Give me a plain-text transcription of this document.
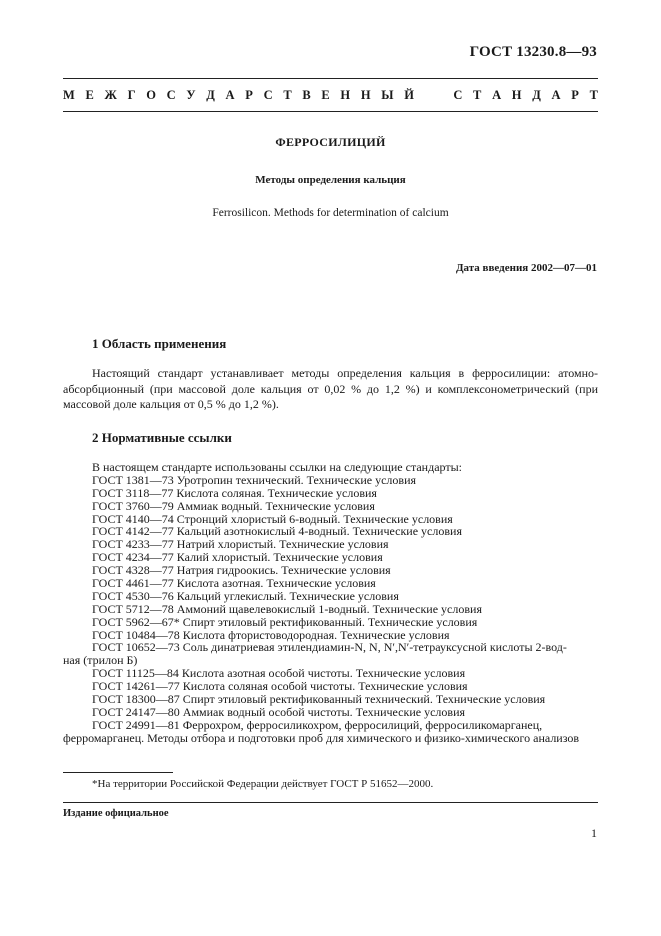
ГОСТ 13230.8—93
М Е Ж Г О С У Д А Р С Т В Е Н Н Ы Й	С Т А Н Д А Р Т
ФЕРРОСИЛИЦИЙ
Методы определения кальция
Ferrosilicon. Methods for determination of calcium
Дата введения 2002—07—01
1 Область применения
Настоящий стандарт устанавливает методы определения кальция в ферросилиции: атомно-абсорбционный (при массовой доле кальция от 0,02 % до 1,2 %) и комплексонометрический (при массовой доле кальция от 0,5 % до 1,2 %).
2 Нормативные ссылки
В настоящем стандарте использованы ссылки на следующие стандарты:
ГОСТ 1381—73 Уротропин технический. Технические условия
ГОСТ 3118—77 Кислота соляная. Технические условия
ГОСТ 3760—79 Аммиак водный. Технические условия
ГОСТ 4140—74 Стронций хлористый 6-водный. Технические условия
ГОСТ 4142—77 Кальций азотнокислый 4-водный. Технические условия
ГОСТ 4233—77 Натрий хлористый. Технические условия
ГОСТ 4234—77 Калий хлористый. Технические условия
ГОСТ 4328—77 Натрия гидроокись. Технические условия
ГОСТ 4461—77 Кислота азотная. Технические условия
ГОСТ 4530—76 Кальций углекислый. Технические условия
ГОСТ 5712—78 Аммоний щавелевокислый 1-водный. Технические условия
ГОСТ 5962—67* Спирт этиловый ректификованный. Технические условия
ГОСТ 10484—78 Кислота фтористоводородная. Технические условия
ГОСТ 10652—73 Соль динатриевая этилендиамин-N, N, N′,N′-тетрауксусной кислоты 2-вод-
ная (трилон Б)
ГОСТ 11125—84 Кислота азотная особой чистоты. Технические условия
ГОСТ 14261—77 Кислота соляная особой чистоты. Технические условия
ГОСТ 18300—87 Спирт этиловый ректификованный технический. Технические условия
ГОСТ 24147—80 Аммиак водный особой чистоты. Технические условия
ГОСТ 24991—81 Феррохром, ферросиликохром, ферросилиций, ферросиликомарганец,
ферромарганец. Методы отбора и подготовки проб для химического и физико-химического анализов
*На территории Российской Федерации действует ГОСТ Р 51652—2000.
Издание официальное
1
